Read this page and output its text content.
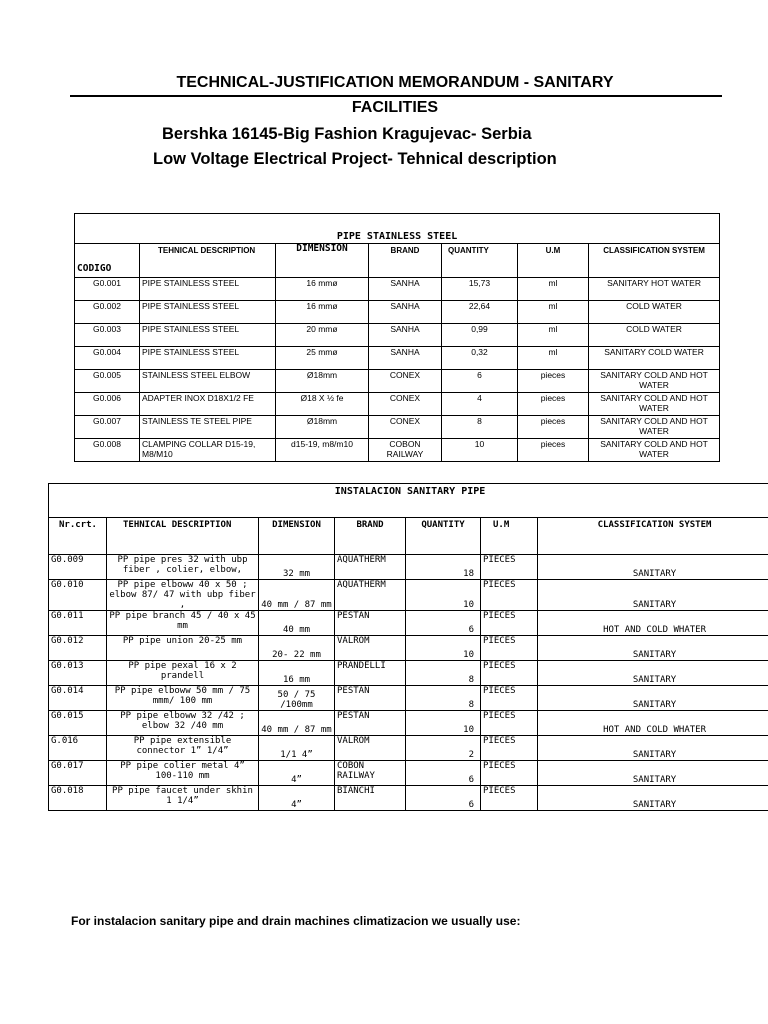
TECHNICAL-JUSTIFICATION MEMORANDUM - SANITARY
FACILITIES
Bershka 16145-Big Fashion Kragujevac- Serbia
Low Voltage Electrical Project- Tehnical description
PIPE STAINLESS STEEL						
CODIGO	TEHNICAL DESCRIPTION	DIMENSION	BRAND	QUANTITY	U.M	CLASSIFICATION SYSTEM
G0.001	PIPE STAINLESS STEEL	16 mmø	SANHA	15,73	ml	SANITARY HOT WATER
G0.002	PIPE STAINLESS STEEL	16 mmø	SANHA	22,64	ml	COLD WATER
G0.003	PIPE STAINLESS STEEL	20 mmø	SANHA	0,99	ml	COLD WATER
G0.004	PIPE STAINLESS STEEL	25 mmø	SANHA	0,32	ml	SANITARY COLD WATER
G0.005	STAINLESS STEEL ELBOW	Ø18mm	CONEX	6	pieces	SANITARY COLD AND HOT WATER
G0.006	ADAPTER INOX D18X1/2 FE	Ø18 X ½ fe	CONEX	4	pieces	SANITARY COLD AND HOT WATER
G0.007	STAINLESS TE STEEL PIPE	Ø18mm	CONEX	8	pieces	SANITARY COLD AND HOT WATER
G0.008	CLAMPING COLLAR D15-19, M8/M10	d15-19, m8/m10	COBON RAILWAY	10	pieces	SANITARY COLD AND HOT WATER
INSTALACION SANITARY PIPE						
Nr.crt.	TEHNICAL DESCRIPTION	DIMENSION	BRAND	QUANTITY	U.M	CLASSIFICATION SYSTEM
G0.009	PP pipe pres 32 with ubp fiber , colier, elbow,	32 mm	AQUATHERM	18	PIECES	SANITARY
G0.010	PP pipe elboww 40 x 50 ; elbow 87/ 47 with ubp fiber ,	40 mm / 87 mm	AQUATHERM	10	PIECES	SANITARY
G0.011	PP pipe branch 45 / 40 x 45 mm	40 mm	PESTAN	6	PIECES	HOT AND COLD WHATER
G0.012	PP pipe union 20-25 mm	20- 22 mm	VALROM	10	PIECES	SANITARY
G0.013	PP pipe pexal 16 x 2 prandell	16 mm	PRANDELLI	8	PIECES	SANITARY
G0.014	PP pipe elboww 50 mm / 75 mmm/ 100 mm	50 / 75 /100mm	PESTAN	8	PIECES	SANITARY
G0.015	PP pipe elboww 32 /42 ; elbow 32 /40 mm	40 mm / 87 mm	PESTAN	10	PIECES	HOT AND COLD WHATER
G.016	PP pipe extensible connector 1” 1/4”	1/1 4”	VALROM	2	PIECES	SANITARY
G0.017	PP pipe colier metal 4” 100-110 mm	4”	COBON RAILWAY	6	PIECES	SANITARY
G0.018	PP pipe faucet under skhin 1 1/4”	4”	BIANCHI	6	PIECES	SANITARY
For instalacion sanitary pipe and drain machines climatizacion we usually use:
